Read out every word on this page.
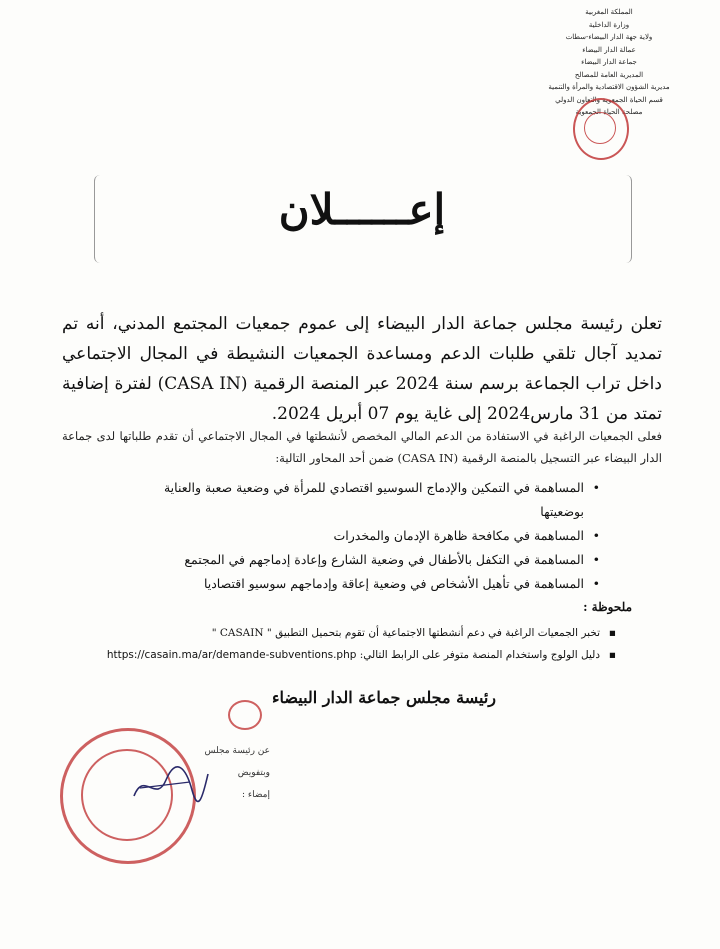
المملكة المغربية
وزارة الداخلية
ولاية جهة الدار البيضاء-سطات
عمالة الدار البيضاء
جماعة الدار البيضاء
المديرية العامة للمصالح
مديرية الشؤون الاقتصادية والمرأة والتنمية
قسم الحياة الجمعوية والتعاون الدولي
مصلحة الحياة الجمعوية
إعــــــلان

تعلن رئيسة مجلس جماعة الدار البيضاء إلى عموم جمعيات المجتمع المدني، أنه تم تمديد آجال تلقي طلبات الدعم ومساعدة الجمعيات النشيطة في المجال الاجتماعي داخل تراب الجماعة برسم سنة 2024 عبر المنصة الرقمية (CASA IN) لفترة إضافية تمتد من 31 مارس2024 إلى غاية يوم 07 أبريل 2024.

فعلى الجمعيات الراغبة في الاستفادة من الدعم المالي المخصص لأنشطتها في المجال الاجتماعي أن تقدم طلباتها لدى جماعة الدار البيضاء عبر التسجيل بالمنصة الرقمية (CASA IN) ضمن أحد المحاور التالية:

• المساهمة في التمكين والإدماج السوسيو اقتصادي للمرأة في وضعية صعبة والعناية بوضعيتها
• المساهمة في مكافحة ظاهرة الإدمان والمخدرات
• المساهمة في التكفل بالأطفال في وضعية الشارع وإعادة إدماجهم في المجتمع
• المساهمة في تأهيل الأشخاص في وضعية إعاقة وإدماجهم سوسيو اقتصاديا
ملحوظة :
▪ تخبر الجمعيات الراغبة في دعم أنشطتها الاجتماعية أن تقوم بتحميل التطبيق " CASAIN "
▪ دليل الولوج واستخدام المنصة متوفر على الرابط التالي: https://casain.ma/ar/demande-subventions.php
رئيسة مجلس جماعة الدار البيضاء
عن رئيسة مجلس
وبتفويض
إمضاء :
